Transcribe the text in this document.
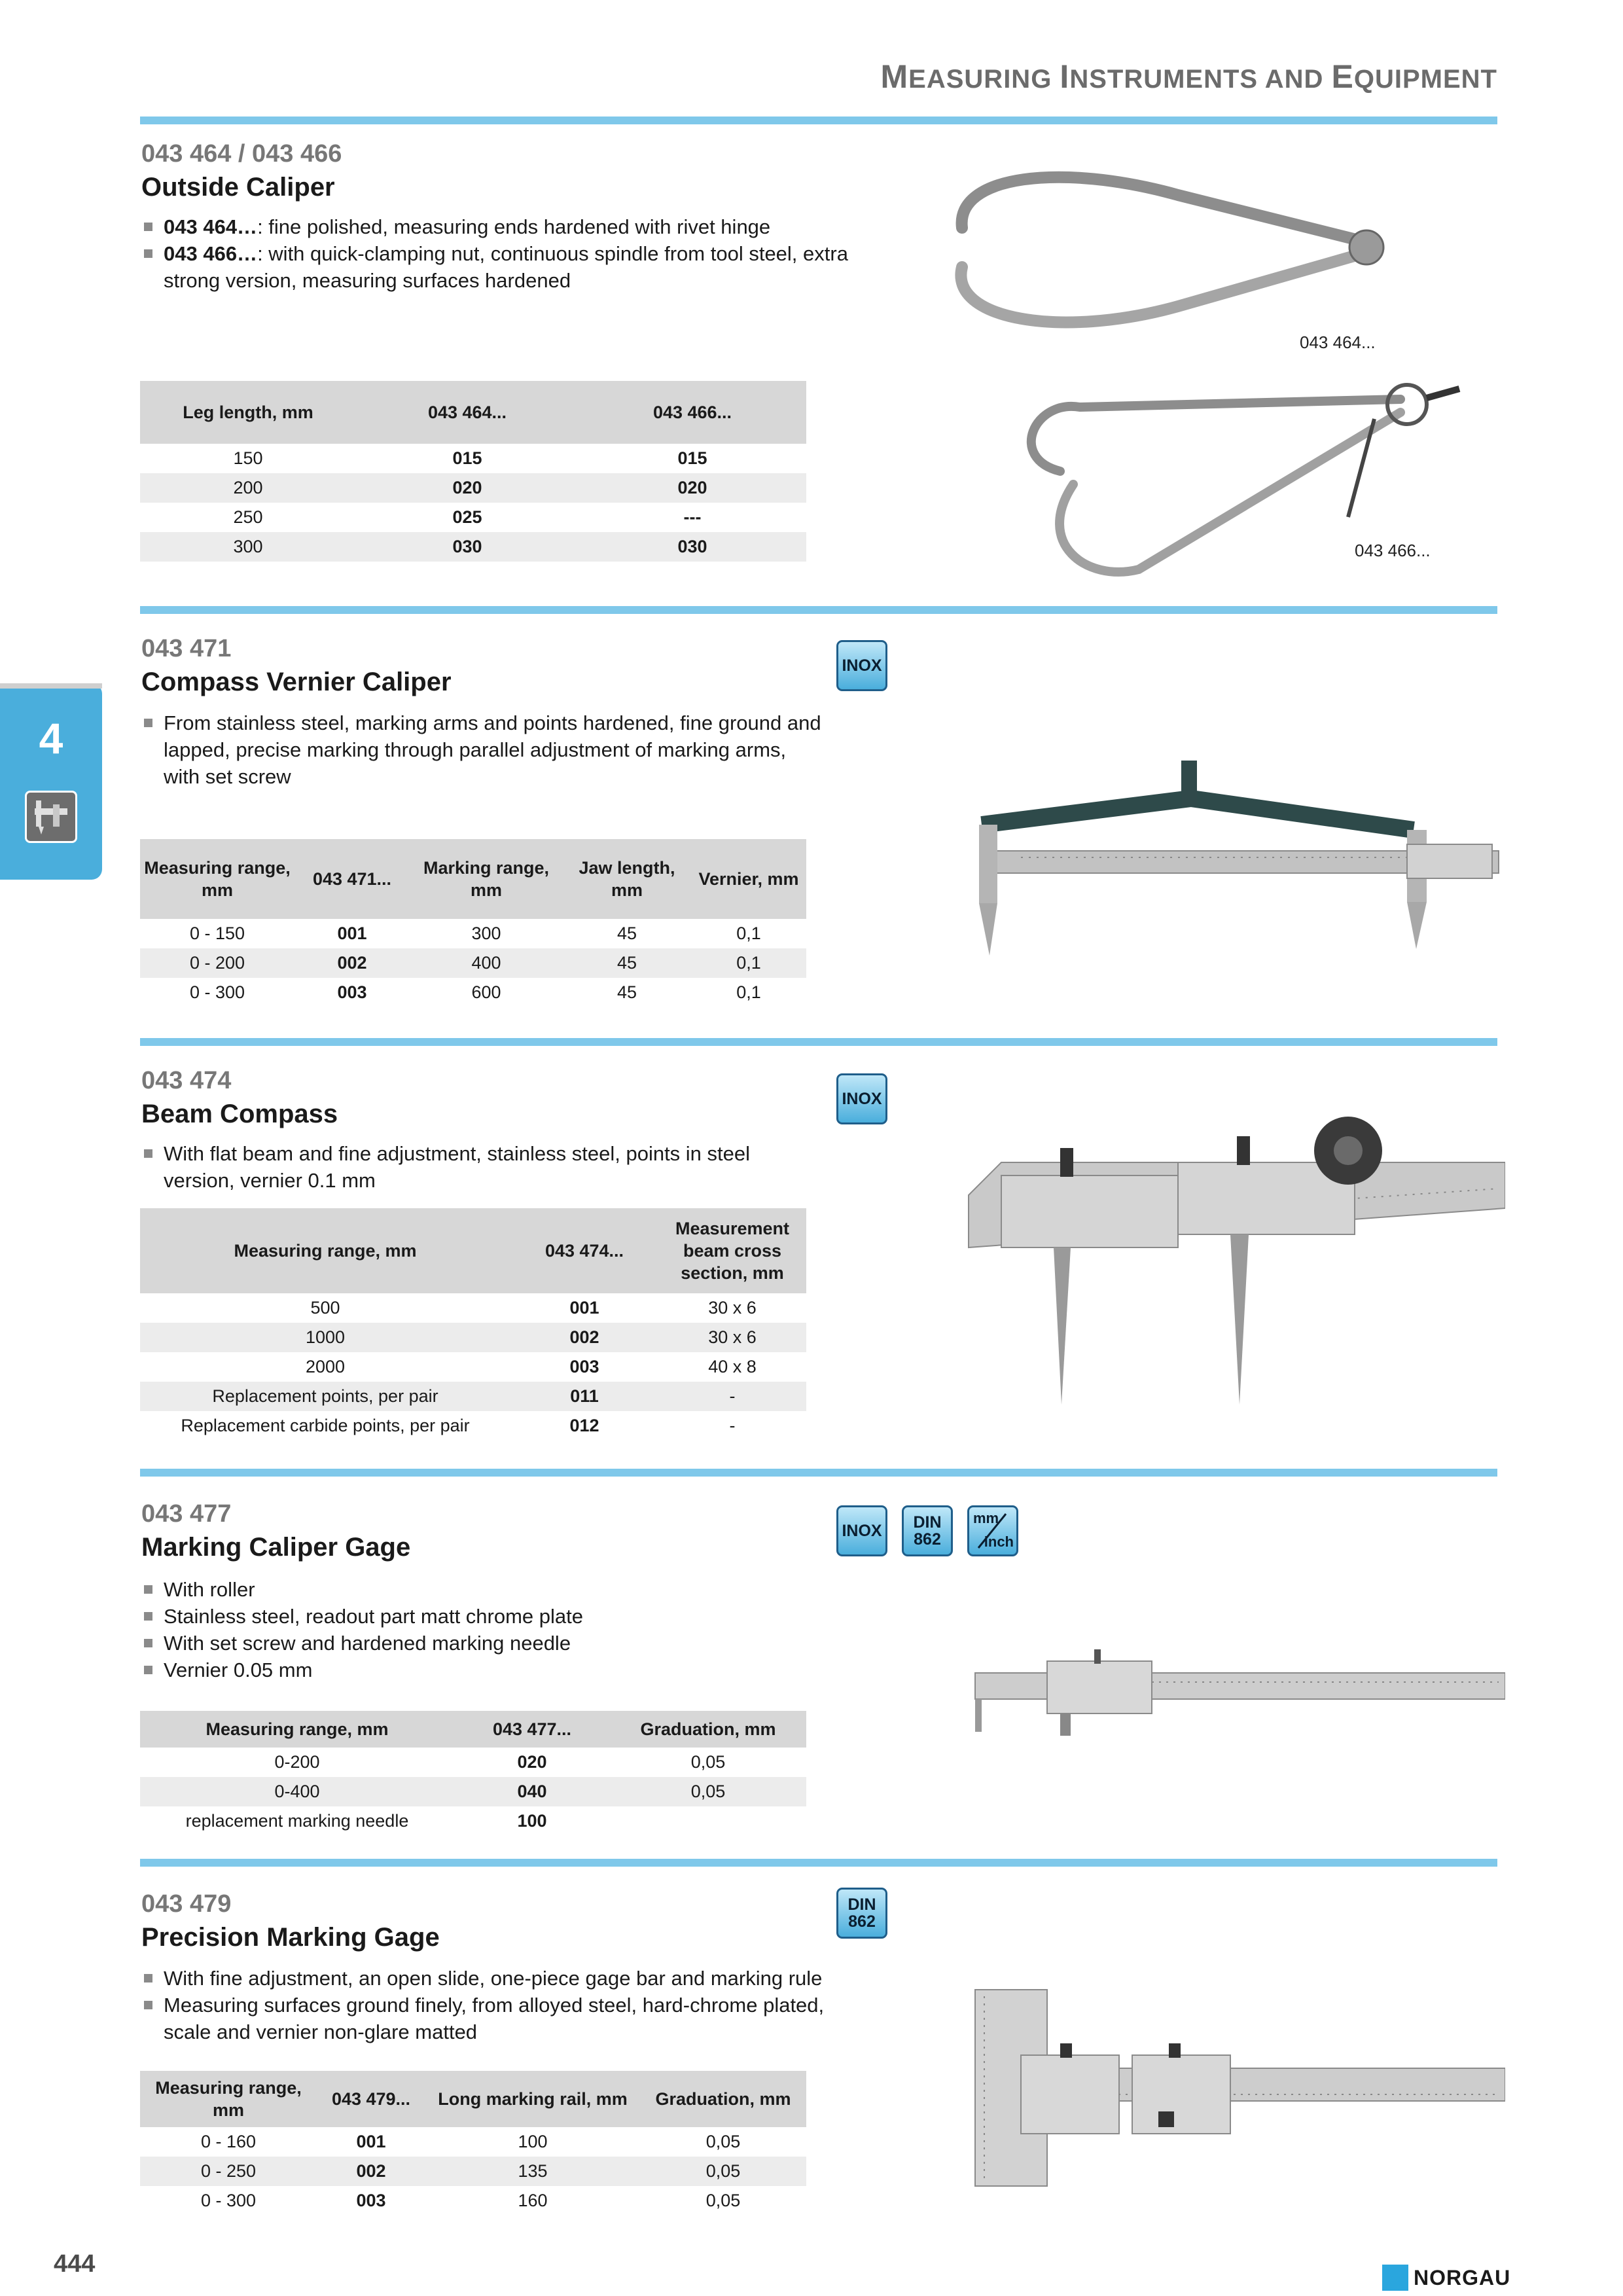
MEASURING INSTRUMENTS AND EQUIPMENT
4
043 464 / 043 466
Outside Caliper
043 464…: fine polished, measuring ends hardened with rivet hinge
043 466…: with quick-clamping nut, continuous spindle from tool steel, extra strong version, measuring surfaces hardened
Leg length, mm	043 464...	043 466...
150	015	015
200	020	020
250	025	---
300	030	030
043 464...
043 466...
043 471
Compass Vernier Caliper
INOX
From stainless steel, marking arms and points hardened, fine ground and lapped, precise marking through parallel adjustment of marking arms, with set screw
Measuring range, mm	043 471...	Marking range, mm	Jaw length, mm	Vernier, mm
0 - 150	001	300	45	0,1
0 - 200	002	400	45	0,1
0 - 300	003	600	45	0,1
043 474
Beam Compass
INOX
With flat beam and fine adjustment, stainless steel, points in steel version, vernier 0.1 mm
Measuring range, mm	043 474...	Measurement beam cross section, mm
500	001	30 x 6
1000	002	30 x 6
2000	003	40 x 8
Replacement points, per pair	011	-
Replacement carbide points, per pair	012	-
043 477
Marking Caliper Gage
INOX DIN
862
mm
inch
With roller
Stainless steel, readout part matt chrome plate
With set screw and hardened marking needle
Vernier 0.05 mm
Measuring range, mm	043 477...	Graduation, mm
0-200	020	0,05
0-400	040	0,05
replacement marking needle	100	
043 479
Precision Marking Gage
DIN
862
With fine adjustment, an open slide, one-piece gage bar and marking rule
Measuring surfaces ground finely, from alloyed steel, hard-chrome plated, scale and vernier non-glare matted
Measuring range, mm	043 479...	Long marking rail, mm	Graduation, mm
0 - 160	001	100	0,05
0 - 250	002	135	0,05
0 - 300	003	160	0,05
444	NORGAU
